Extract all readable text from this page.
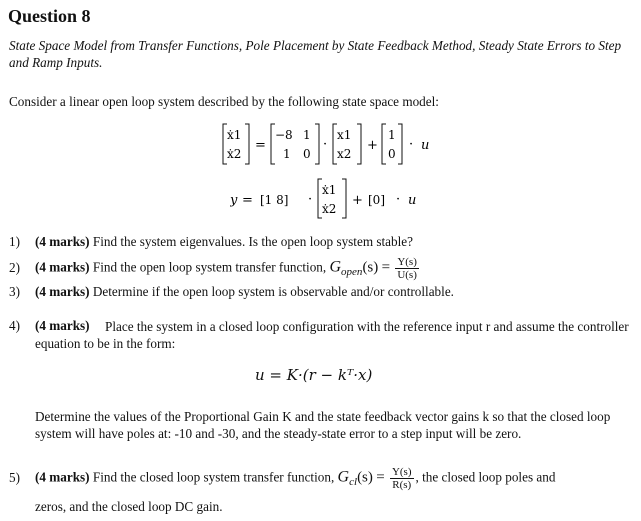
Question 8
State Space Model from Transfer Functions, Pole Placement by State Feedback Method, Steady State Errors to Step and Ramp Inputs.
Consider a linear open loop system described by the following state space model:
ẋ1
ẋ2
=
−8 1
1 0
·
x1
x2
+
1
0
· u
y = [1 8] ·
ẋ1
ẋ2
+ [0] · u
1) (4 marks) Find the system eigenvalues. Is the open loop system stable?
2) (4 marks) Find the open loop system transfer function, $G_{open}(s) = \frac{Y(s)}{U(s)}$
3) (4 marks) Determine if the open loop system is observable and/or controllable.
4) (4 marks)	Place the system in a closed loop configuration with the reference input r and assume the controller equation to be in the form:
u = K·(r − kᵀ·x)
Determine the values of the Proportional Gain K and the state feedback vector gains k so that the closed loop system will have poles at: -10 and -30, and the steady-state error to a step input will be zero.
5) (4 marks) Find the closed loop system transfer function, $G_{cl}(s) = \frac{Y(s)}{R(s)}$ , the closed loop poles and
zeros, and the closed loop DC gain.
